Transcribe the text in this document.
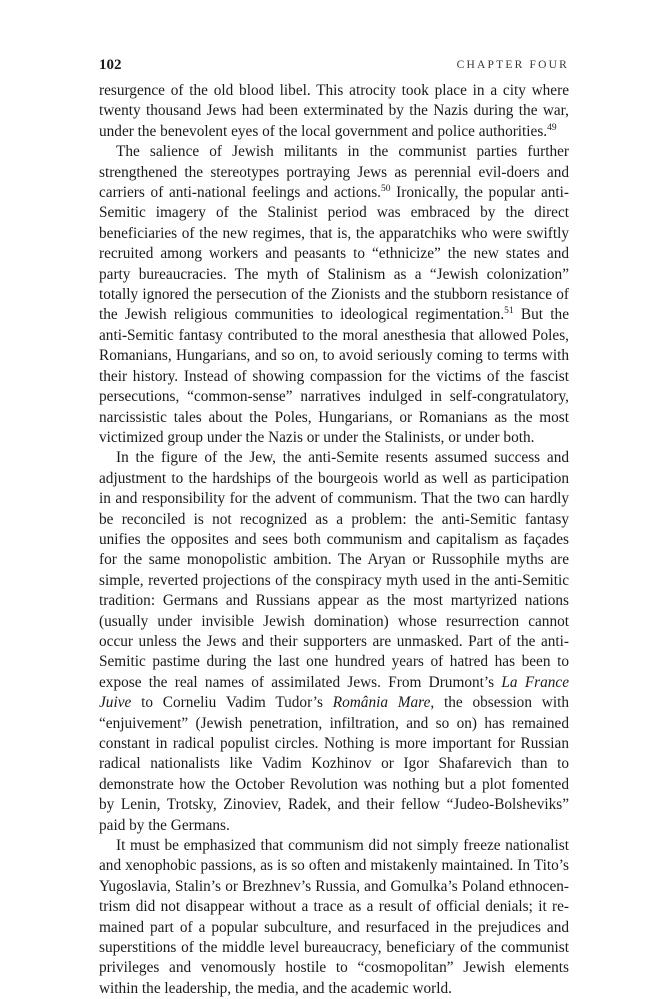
102	CHAPTER FOUR

resurgence of the old blood libel. This atrocity took place in a city where twenty thousand Jews had been exterminated by the Nazis during the war, under the benevolent eyes of the local government and police authorities.$^{49}$

The salience of Jewish militants in the communist parties further strengthened the stereotypes portraying Jews as perennial evil-doers and carriers of anti-national feelings and actions.$^{50}$ Ironically, the popular anti-Semitic imagery of the Stalinist period was embraced by the direct beneficiaries of the new regimes, that is, the apparatchiks who were swiftly recruited among workers and peasants to “ethnicize” the new states and party bureaucracies. The myth of Stalinism as a “Jewish colonization” totally ignored the persecution of the Zionists and the stubborn resistance of the Jewish religious communities to ideological regimentation.$^{51}$ But the anti-Semitic fantasy contributed to the moral anesthesia that allowed Poles, Romanians, Hungarians, and so on, to avoid seriously coming to terms with their history. Instead of showing compassion for the victims of the fascist persecutions, “common-sense” narratives indulged in self-congratulatory, narcissistic tales about the Poles, Hungarians, or Romanians as the most victimized group under the Nazis or under the Stalinists, or under both.

In the figure of the Jew, the anti-Semite resents assumed success and adjustment to the hardships of the bourgeois world as well as participation in and responsibility for the advent of communism. That the two can hardly be reconciled is not recognized as a problem: the anti-Semitic fantasy unifies the opposites and sees both communism and capitalism as façades for the same monopolistic ambition. The Aryan or Russophile myths are simple, reverted projections of the conspiracy myth used in the anti-Semitic tradition: Germans and Russians appear as the most martyrized nations (usually under invisible Jewish domination) whose resurrection cannot occur unless the Jews and their supporters are unmasked. Part of the anti-Semitic pastime during the last one hundred years of hatred has been to expose the real names of assimilated Jews. From Drumont’s La France Juive to Corneliu Vadim Tudor’s România Mare, the obsession with “enjuivement” (Jewish penetration, infiltration, and so on) has remained constant in radical populist circles. Nothing is more important for Russian radical nationalists like Vadim Kozhinov or Igor Shafarevich than to demonstrate how the October Revolution was nothing but a plot fomented by Lenin, Trotsky, Zinoviev, Radek, and their fellow “Judeo-Bolsheviks” paid by the Germans.

It must be emphasized that communism did not simply freeze nationalist and xenophobic passions, as is so often and mistakenly maintained. In Tito’s Yugoslavia, Stalin’s or Brezhnev’s Russia, and Gomulka’s Poland ethnocentrism did not disappear without a trace as a result of official denials; it remained part of a popular subculture, and resurfaced in the prejudices and superstitions of the middle level bureaucracy, beneficiary of the communist privileges and venomously hostile to “cosmopolitan” Jewish elements within the leadership, the media, and the academic world.
